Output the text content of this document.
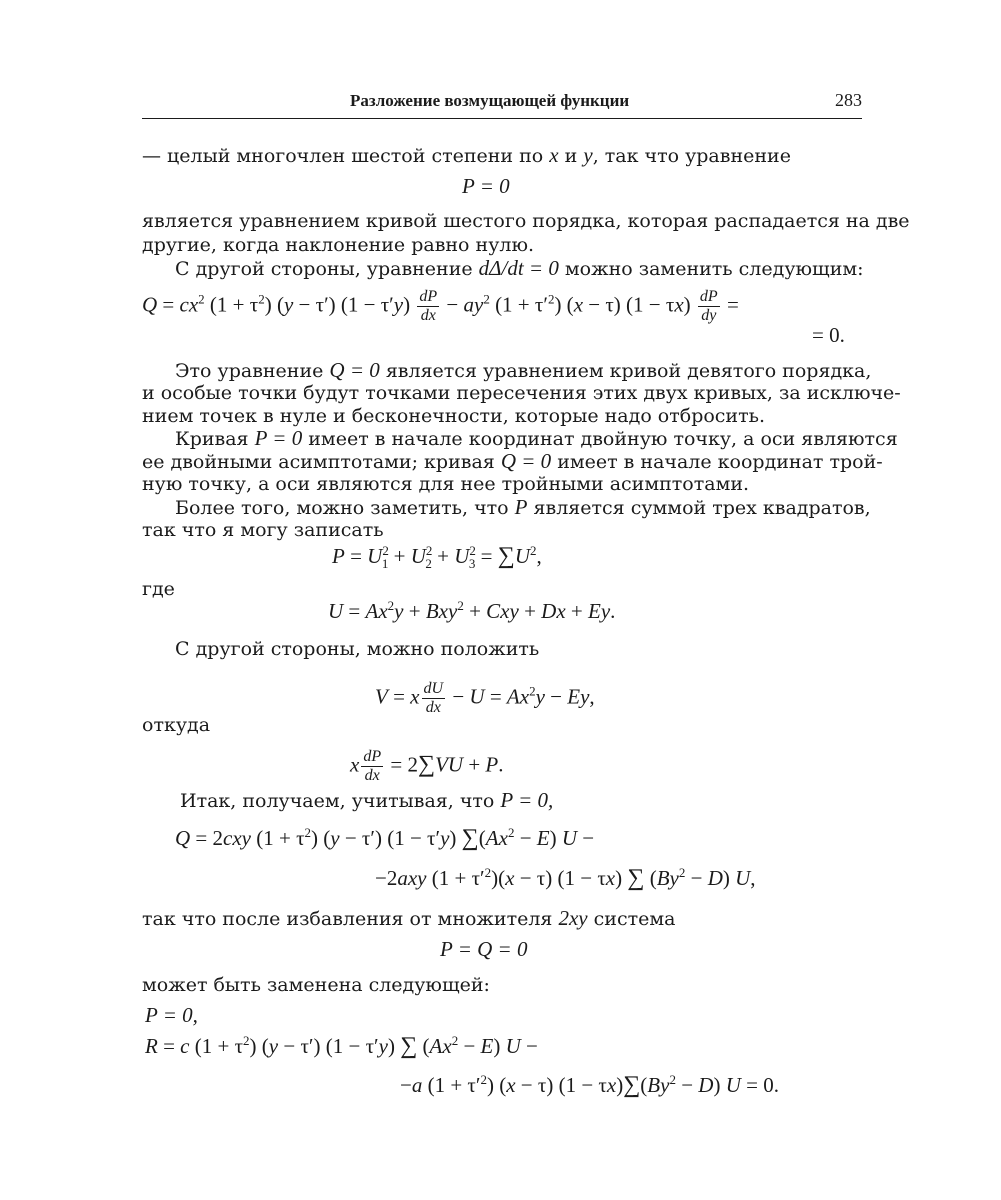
Разложение возмущающей функции	283
— целый многочлен шестой степени по x и y, так что уравнение
P = 0
является уравнением кривой шестого порядка, которая распадается на две
другие, когда наклонение равно нулю.
С другой стороны, уравнение dΔ/dt = 0 можно заменить следующим:
$Q = cx^2$ $(1 + \tau^2)$ (y − τ′) $(1 - \tau'y) \frac{dP}{dx} - ay^2$ $(1 + \tau'^2)$ (x − τ) $(1 - \tau x) \frac{dP}{dy}$ =
= 0.
Это уравнение Q = 0 является уравнением кривой девятого порядка,
и особые точки будут точками пересечения этих двух кривых, за исключе-
нием точек в нуле и бесконечности, которые надо отбросить.
Кривая P = 0 имеет в начале координат двойную точку, а оси являются
ее двойными асимптотами; кривая Q = 0 имеет в начале координат трой-
ную точку, а оси являются для нее тройными асимптотами.
Более того, можно заметить, что P является суммой трех квадратов,
так что я могу записать
$P = U^2_1 + U^2_2 + U^2_3 = \sum U^2$,
где
$U = Ax^2y + Bxy^2$ + Cxy + Dx + Ey.
С другой стороны, можно положить
V = x $\frac{dU}{dx} - U = Ax^2y - Ey$,
откуда
x $\frac{dP}{dx} = 2\sum VU + P$.
Итак, получаем, учитывая, что P = 0,
Q = 2cxy $(1 + \tau^2)$ (y − τ′) (1 − τ′y) $\sum(Ax^2 - E) U$ −
−2axy $(1 + \tau'^2)(x - \tau)$ (1 − τx) ∑ $(By^2 - D)$ U,
так что после избавления от множителя 2xy система
P = Q = 0
может быть заменена следующей:
P = 0,
R = c $(1 + \tau^2)$ (y − τ′) (1 − τ′y) ∑ $(Ax^2 - E) U$ −
−a $(1 + \tau'^2)$ (x − τ) $(1 - \tau x)\sum(By^2 - D)$ U = 0.
